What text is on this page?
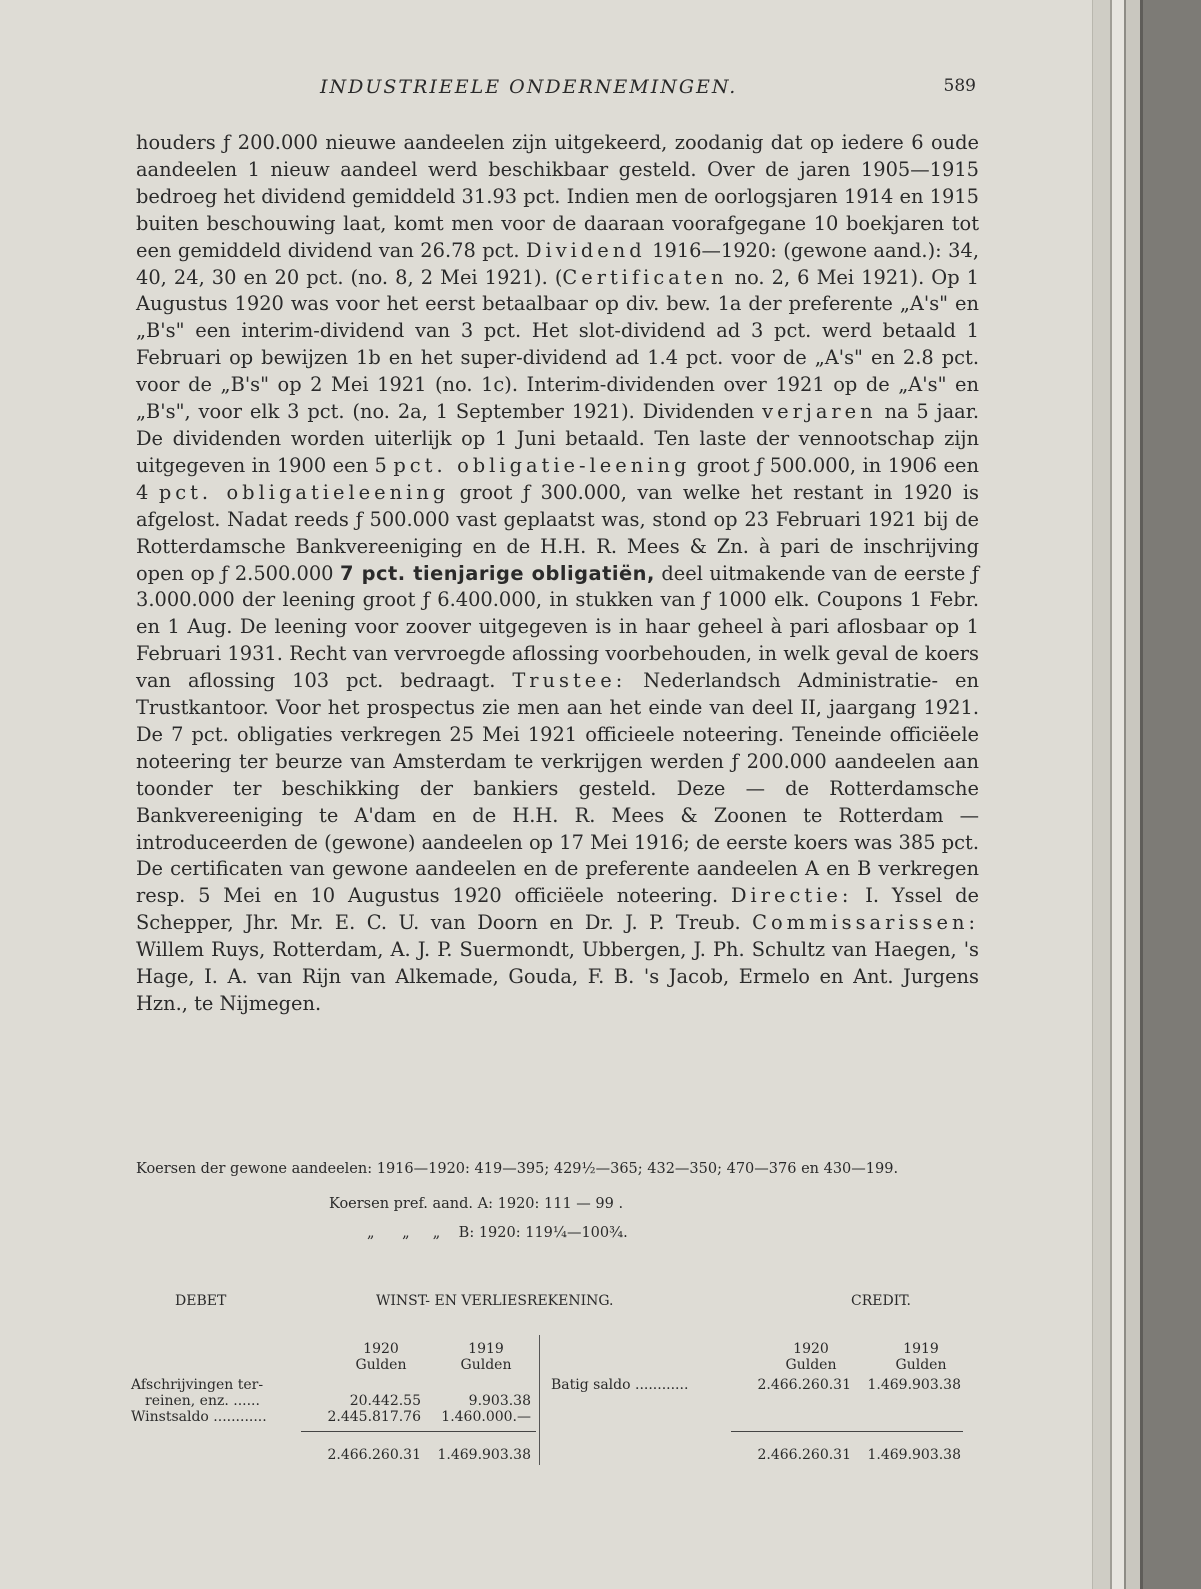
INDUSTRIEELE ONDERNEMINGEN.	589

houders ƒ 200.000 nieuwe aandeelen zijn uitgekeerd, zoodanig dat op iedere 6 oude aandeelen 1 nieuw aandeel werd beschikbaar gesteld. Over de jaren 1905—1915 bedroeg het dividend gemiddeld 31.93 pct. Indien men de oorlogsjaren 1914 en 1915 buiten beschouwing laat, komt men voor de daaraan voorafgegane 10 boekjaren tot een gemiddeld dividend van 26.78 pct. Dividend 1916—1920: (gewone aand.): 34, 40, 24, 30 en 20 pct. (no. 8, 2 Mei 1921). (Certificaten no. 2, 6 Mei 1921). Op 1 Augustus 1920 was voor het eerst betaalbaar op div. bew. 1a der preferente „A's" en „B's" een interim-dividend van 3 pct. Het slot-dividend ad 3 pct. werd betaald 1 Februari op bewijzen 1b en het super-dividend ad 1.4 pct. voor de „A's" en 2.8 pct. voor de „B's" op 2 Mei 1921 (no. 1c). Interim-dividenden over 1921 op de „A's" en „B's", voor elk 3 pct. (no. 2a, 1 September 1921). Dividenden verjaren na 5 jaar. De dividenden worden uiterlijk op 1 Juni betaald. Ten laste der vennootschap zijn uitgegeven in 1900 een 5 pct. obligatie-leening groot ƒ 500.000, in 1906 een 4 pct. obligatieleening groot ƒ 300.000, van welke het restant in 1920 is afgelost. Nadat reeds ƒ 500.000 vast geplaatst was, stond op 23 Februari 1921 bij de Rotterdamsche Bankvereeniging en de H.H. R. Mees & Zn. à pari de inschrijving open op ƒ 2.500.000 7 pct. tienjarige obligatiën, deel uitmakende van de eerste ƒ 3.000.000 der leening groot ƒ 6.400.000, in stukken van ƒ 1000 elk. Coupons 1 Febr. en 1 Aug. De leening voor zoover uitgegeven is in haar geheel à pari aflosbaar op 1 Februari 1931. Recht van vervroegde aflossing voorbehouden, in welk geval de koers van aflossing 103 pct. bedraagt. Trustee: Nederlandsch Administratie- en Trustkantoor. Voor het prospectus zie men aan het einde van deel II, jaargang 1921. De 7 pct. obligaties verkregen 25 Mei 1921 officieele noteering. Teneinde officiëele noteering ter beurze van Amsterdam te verkrijgen werden ƒ 200.000 aandeelen aan toonder ter beschikking der bankiers gesteld. Deze — de Rotterdamsche Bankvereeniging te A'dam en de H.H. R. Mees & Zoonen te Rotterdam — introduceerden de (gewone) aandeelen op 17 Mei 1916; de eerste koers was 385 pct. De certificaten van gewone aandeelen en de preferente aandeelen A en B verkregen resp. 5 Mei en 10 Augustus 1920 officiëele noteering. Directie: I. Yssel de Schepper, Jhr. Mr. E. C. U. van Doorn en Dr. J. P. Treub. Commissarissen: Willem Ruys, Rotterdam, A. J. P. Suermondt, Ubbergen, J. Ph. Schultz van Haegen, 's Hage, I. A. van Rijn van Alkemade, Gouda, F. B. 's Jacob, Ermelo en Ant. Jurgens Hzn., te Nijmegen.

Koersen der gewone aandeelen: 1916—1920: 419—395; 429½—365; 432—350; 470—376 en 430—199.
Koersen pref. aand. A: 1920: 111 — 99 .
„      „     „    B: 1920: 119¼—100¾.
DEBET	WINST- EN VERLIESREKENING.	CREDIT.
1920	1919
Gulden	Gulden
Afschrijvingen ter-
reinen, enz. ......	20.442.55	9.903.38
Winstsaldo ............	2.445.817.76	1.460.000.—
2.466.260.31	1.469.903.38
1920	1919
Gulden	Gulden
Batig saldo ............	2.466.260.31	1.469.903.38
2.466.260.31	1.469.903.38
